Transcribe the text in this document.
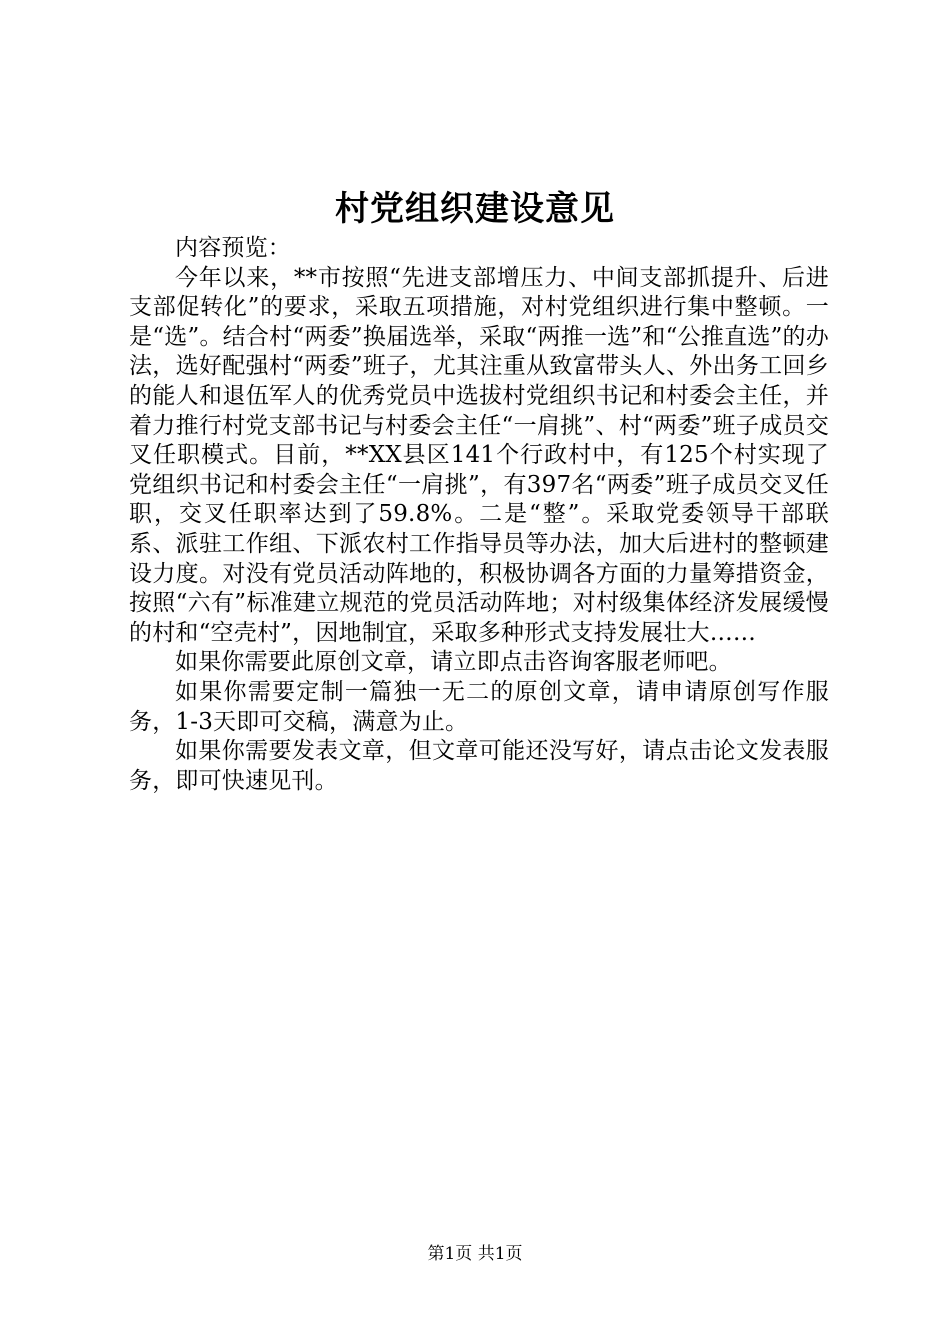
村党组织建设意见

内容预览：

今年以来，**市按照“先进支部增压力、中间支部抓提升、后进支部促转化”的要求，采取五项措施，对村党组织进行集中整顿。一是“选”。结合村“两委”换届选举，采取“两推一选”和“公推直选”的办法，选好配强村“两委”班子，尤其注重从致富带头人、外出务工回乡的能人和退伍军人的优秀党员中选拔村党组织书记和村委会主任，并着力推行村党支部书记与村委会主任“一肩挑”、村“两委”班子成员交叉任职模式。目前，**XX县区141个行政村中，有125个村实现了党组织书记和村委会主任“一肩挑”，有397名“两委”班子成员交叉任职，交叉任职率达到了59.8%。二是“整”。采取党委领导干部联系、派驻工作组、下派农村工作指导员等办法，加大后进村的整顿建设力度。对没有党员活动阵地的，积极协调各方面的力量筹措资金，按照“六有”标准建立规范的党员活动阵地；对村级集体经济发展缓慢的村和“空壳村”，因地制宜，采取多种形式支持发展壮大……

如果你需要此原创文章，请立即点击咨询客服老师吧。

如果你需要定制一篇独一无二的原创文章，请申请原创写作服务，1-3天即可交稿，满意为止。

如果你需要发表文章，但文章可能还没写好，请点击论文发表服务，即可快速见刊。

第1页 共1页
